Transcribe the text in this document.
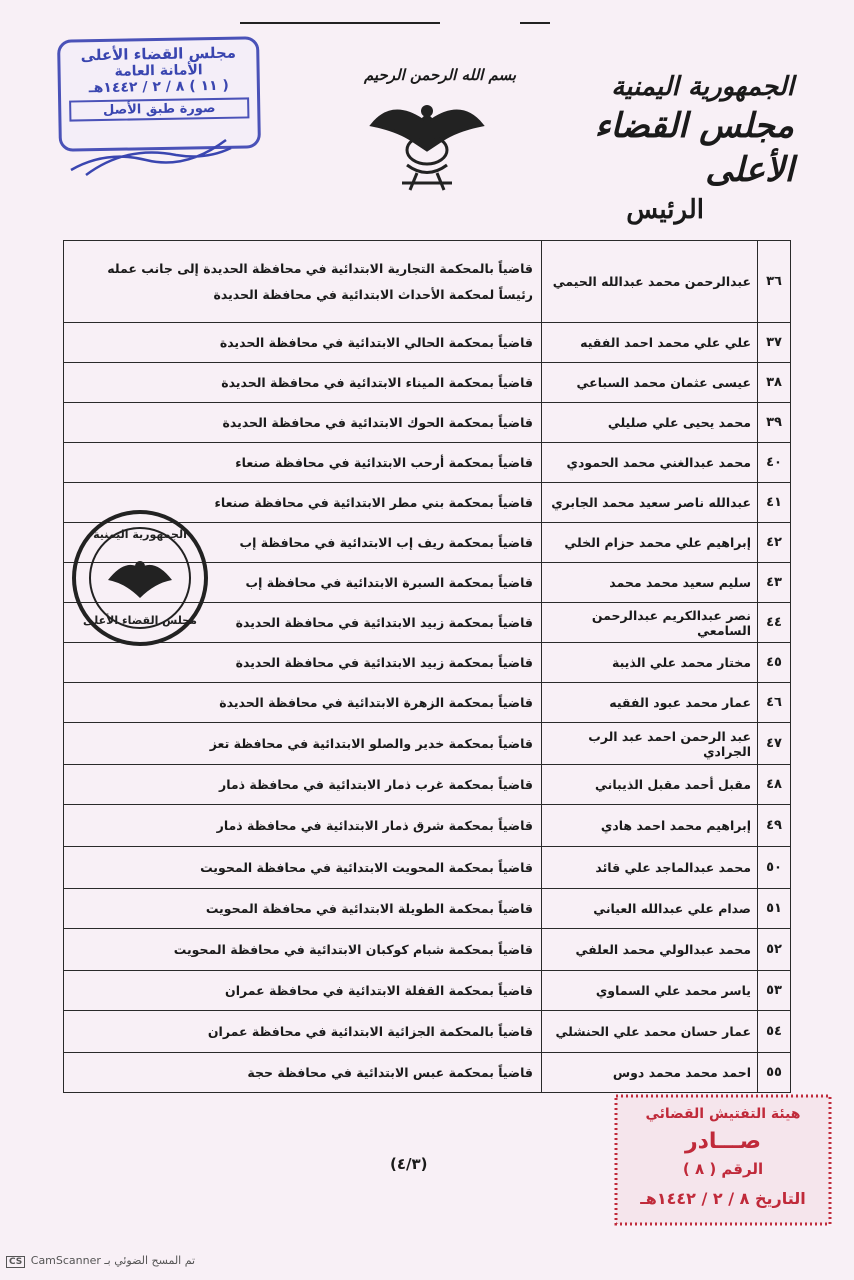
الجمهورية اليمنية
مجلس القضاء الأعلى
الرئيس
بسم الله الرحمن الرحيم
مجلس القضاء الأعلى
الأمانة العامة
( ١١ ) ٨ / ٢ / ١٤٤٢هـ
صورة طبق الأصل
٣٦	عبدالرحمن محمد عبدالله الحيمي	قاضياً بالمحكمة التجارية الابتدائية في محافظة الحديدة إلى جانب عمله
رئيساً لمحكمة الأحداث الابتدائية في محافظة الحديدة

٣٧	علي علي محمد احمد الفقيه	قاضياً بمحكمة الحالي الابتدائية في محافظة الحديدة

٣٨	عيسى عثمان محمد السباعي	قاضياً بمحكمة الميناء الابتدائية في محافظة الحديدة

٣٩	محمد يحيى علي صليلي	قاضياً بمحكمة الحوك الابتدائية في محافظة الحديدة

٤٠	محمد عبدالغني محمد الحمودي	قاضياً بمحكمة أرحب الابتدائية في محافظة صنعاء

٤١	عبدالله ناصر سعيد محمد الجابري	قاضياً بمحكمة بني مطر الابتدائية في محافظة صنعاء

٤٢	إبراهيم علي محمد حزام الخلي	قاضياً بمحكمة ريف إب الابتدائية في محافظة إب

٤٣	سليم سعيد محمد محمد	قاضياً بمحكمة السبرة الابتدائية في محافظة إب

٤٤	نصر عبدالكريم عبدالرحمن السامعي	قاضياً بمحكمة زبيد الابتدائية في محافظة الحديدة

٤٥	مختار محمد علي الذيبة	قاضياً بمحكمة زبيد الابتدائية في محافظة الحديدة

٤٦	عمار محمد عبود الفقيه	قاضياً بمحكمة الزهرة الابتدائية في محافظة الحديدة

٤٧	عبد الرحمن احمد عبد الرب الجرادي	قاضياً بمحكمة خدير والصلو الابتدائية في محافظة تعز

٤٨	مقبل أحمد مقبل الذيباني	قاضياً بمحكمة غرب ذمار الابتدائية في محافظة ذمار

٤٩	إبراهيم محمد احمد هادي	قاضياً بمحكمة شرق ذمار الابتدائية في محافظة ذمار

٥٠	محمد عبدالماجد علي قائد	قاضياً بمحكمة المحويت الابتدائية في محافظة المحويت

٥١	صدام علي عبدالله العياني	قاضياً بمحكمة الطويلة الابتدائية في محافظة المحويت

٥٢	محمد عبدالولي محمد العلفي	قاضياً بمحكمة شبام كوكبان الابتدائية في محافظة المحويت

٥٣	ياسر محمد علي السماوي	قاضياً بمحكمة القفلة الابتدائية في محافظة عمران

٥٤	عمار حسان محمد علي الحنشلي	قاضياً بالمحكمة الجزائية الابتدائية في محافظة عمران

٥٥	احمد محمد محمد دوس	قاضياً بمحكمة عبس الابتدائية في محافظة حجة
الجمهورية اليمنية
مجلس القضاء الأعلى
هيئة التفتيش القضائي
صـــادر
الرقم ( ٨ )
التاريخ ٨ / ٢ / ١٤٤٢هـ
(٤/٣)
CS CamScanner تم المسح الضوئي بـ
